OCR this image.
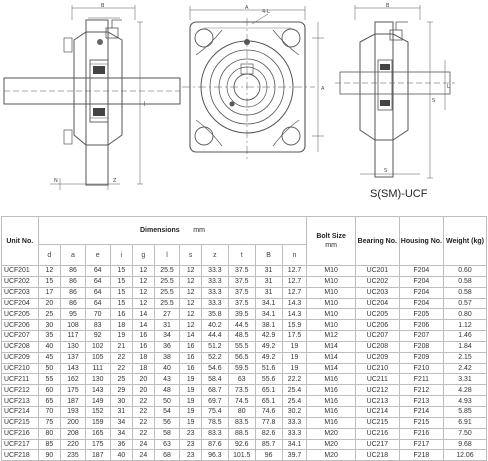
B	A
J
A
N	Z
S
L
S
B
4-L
S(SM)-UCF
Unit No.	Dimensions mm											Bolt Size
mm	Bearing No.	Housing No.	Weight (kg)
	d	a	e	i	g	l	s	z	t	B	n				
UCF201	12	86	64	15	12	25.5	12	33.3	37.5	31	12.7	M10	UC201	F204	0.60
UCF202	15	86	64	15	12	25.5	12	33.3	37.5	31	12.7	M10	UC202	F204	0.58
UCF203	17	86	64	15	12	25.5	12	33.3	37.5	31	12.7	M10	UC203	F204	0.58
UCF204	20	86	64	15	12	25.5	12	33.3	37.5	34.1	14.3	M10	UC204	F204	0.57
UCF205	25	95	70	16	14	27	12	35.8	39.5	34.1	14.3	M10	UC205	F205	0.80
UCF206	30	108	83	18	14	31	12	40.2	44.5	38.1	15.9	M10	UC206	F206	1.12
UCF207	35	117	92	19	16	34	14	44.4	48.5	42.9	17.5	M12	UC207	F207	1.46
UCF208	40	130	102	21	16	36	16	51.2	55.5	49.2	19	M14	UC208	F208	1.84
UCF209	45	137	105	22	18	38	16	52.2	56.5	49.2	19	M14	UC209	F209	2.15
UCF210	50	143	111	22	18	40	16	54.6	59.5	51.6	19	M14	UC210	F210	2.42
UCF211	55	162	130	25	20	43	19	58.4	63	55.6	22.2	M16	UC211	F211	3.31
UCF212	60	175	143	29	20	48	19	68.7	73.5	65.1	25.4	M16	UC212	F212	4.28
UCF213	65	187	149	30	22	50	19	69.7	74.5	65.1	25.4	M16	UC213	F213	4.93
UCF214	70	193	152	31	22	54	19	75.4	80	74.6	30.2	M16	UC214	F214	5.85
UCF215	75	200	159	34	22	56	19	78.5	83.5	77.8	33.3	M16	UC215	F215	6.91
UCF216	80	208	165	34	22	58	23	83.3	88.5	82.6	33.3	M20	UC216	F216	7.50
UCF217	85	220	175	36	24	63	23	87.6	92.6	85.7	34.1	M20	UC217	F217	9.68
UCF218	90	235	187	40	24	68	23	96.3	101.5	96	39.7	M20	UC218	F218	12.06
